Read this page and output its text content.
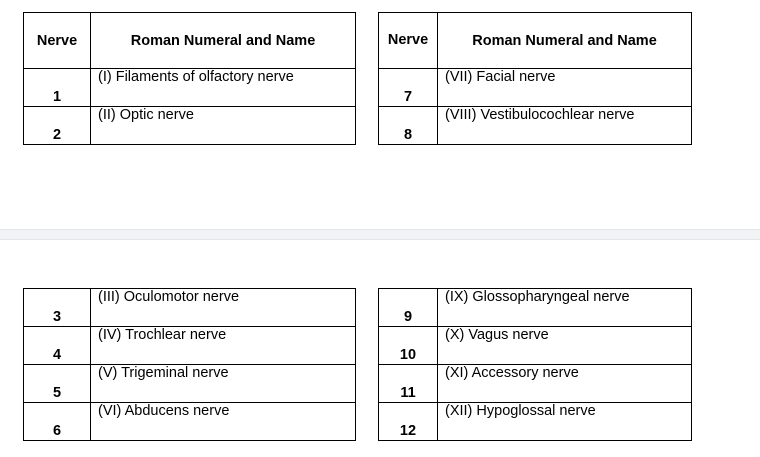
Nerve	Roman Numeral and Name
1	(I) Filaments of olfactory nerve
2	(II) Optic nerve
Nerve	Roman Numeral and Name
7	(VII) Facial nerve
8	(VIII) Vestibulocochlear nerve
3	(III) Oculomotor nerve
4	(IV) Trochlear nerve
5	(V) Trigeminal nerve
6	(VI) Abducens nerve
9	(IX) Glossopharyngeal nerve
10	(X) Vagus nerve
11	(XI) Accessory nerve
12	(XII) Hypoglossal nerve
